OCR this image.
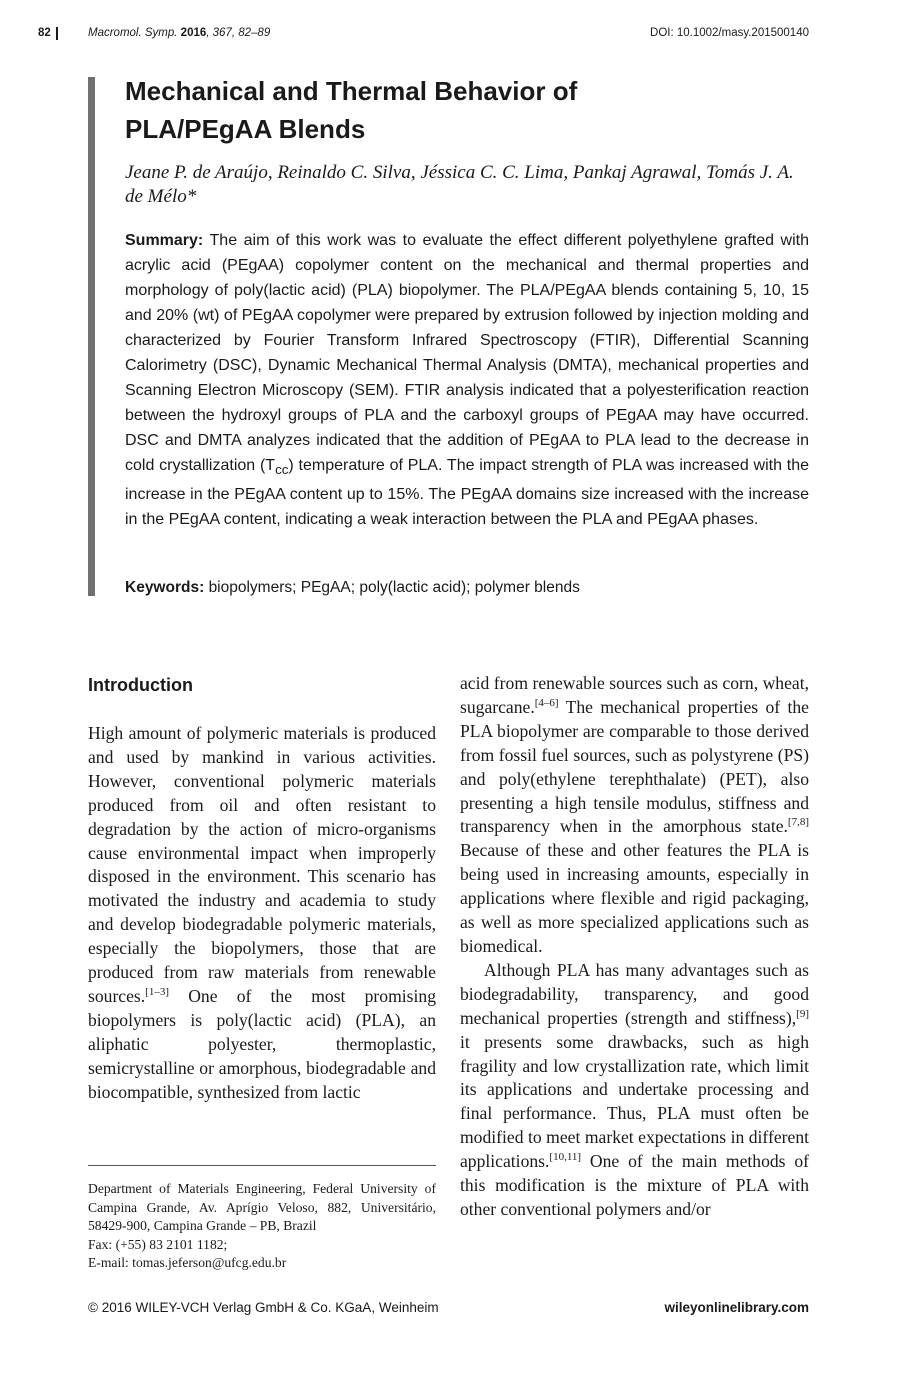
82	Macromol. Symp. 2016, 367, 82–89	DOI: 10.1002/masy.201500140
Mechanical and Thermal Behavior of PLA/PEgAA Blends
Jeane P. de Araújo, Reinaldo C. Silva, Jéssica C. C. Lima, Pankaj Agrawal, Tomás J. A. de Mélo*
Summary: The aim of this work was to evaluate the effect different polyethylene grafted with acrylic acid (PEgAA) copolymer content on the mechanical and thermal properties and morphology of poly(lactic acid) (PLA) biopolymer. The PLA/PEgAA blends containing 5, 10, 15 and 20% (wt) of PEgAA copolymer were prepared by extrusion followed by injection molding and characterized by Fourier Transform Infrared Spectroscopy (FTIR), Differential Scanning Calorimetry (DSC), Dynamic Mechanical Thermal Analysis (DMTA), mechanical properties and Scanning Electron Microscopy (SEM). FTIR analysis indicated that a polyesterification reaction between the hydroxyl groups of PLA and the carboxyl groups of PEgAA may have occurred. DSC and DMTA analyzes indicated that the addition of PEgAA to PLA lead to the decrease in cold crystallization $(T_{cc})$ temperature of PLA. The impact strength of PLA was increased with the increase in the PEgAA content up to 15%. The PEgAA domains size increased with the increase in the PEgAA content, indicating a weak interaction between the PLA and PEgAA phases.
Keywords: biopolymers; PEgAA; poly(lactic acid); polymer blends
Introduction

High amount of polymeric materials is produced and used by mankind in various activities. However, conventional polymeric materials produced from oil and often resistant to degradation by the action of micro-organisms cause environmental impact when improperly disposed in the environment. This scenario has motivated the industry and academia to study and develop biodegradable polymeric materials, especially the biopolymers, those that are produced from raw materials from renewable sources.[1–3] One of the most promising biopolymers is poly(lactic acid) (PLA), an aliphatic polyester, thermoplastic, semicrystalline or amorphous, biodegradable and biocompatible, synthesized from lactic

acid from renewable sources such as corn, wheat, sugarcane.[4–6] The mechanical properties of the PLA biopolymer are comparable to those derived from fossil fuel sources, such as polystyrene (PS) and poly(ethylene terephthalate) (PET), also presenting a high tensile modulus, stiffness and transparency when in the amorphous state.[7,8] Because of these and other features the PLA is being used in increasing amounts, especially in applications where flexible and rigid packaging, as well as more specialized applications such as biomedical.

Although PLA has many advantages such as biodegradability, transparency, and good mechanical properties (strength and stiffness),[9] it presents some drawbacks, such as high fragility and low crystallization rate, which limit its applications and undertake processing and final performance. Thus, PLA must often be modified to meet market expectations in different applications.[10,11] One of the main methods of this modification is the mixture of PLA with other conventional polymers and/or

Department of Materials Engineering, Federal University of Campina Grande, Av. Aprígio Veloso, 882, Universitário, 58429-900, Campina Grande – PB, Brazil
Fax: (+55) 83 2101 1182;
E-mail: tomas.jeferson@ufcg.edu.br
© 2016 WILEY-VCH Verlag GmbH & Co. KGaA, Weinheim	wileyonlinelibrary.com
